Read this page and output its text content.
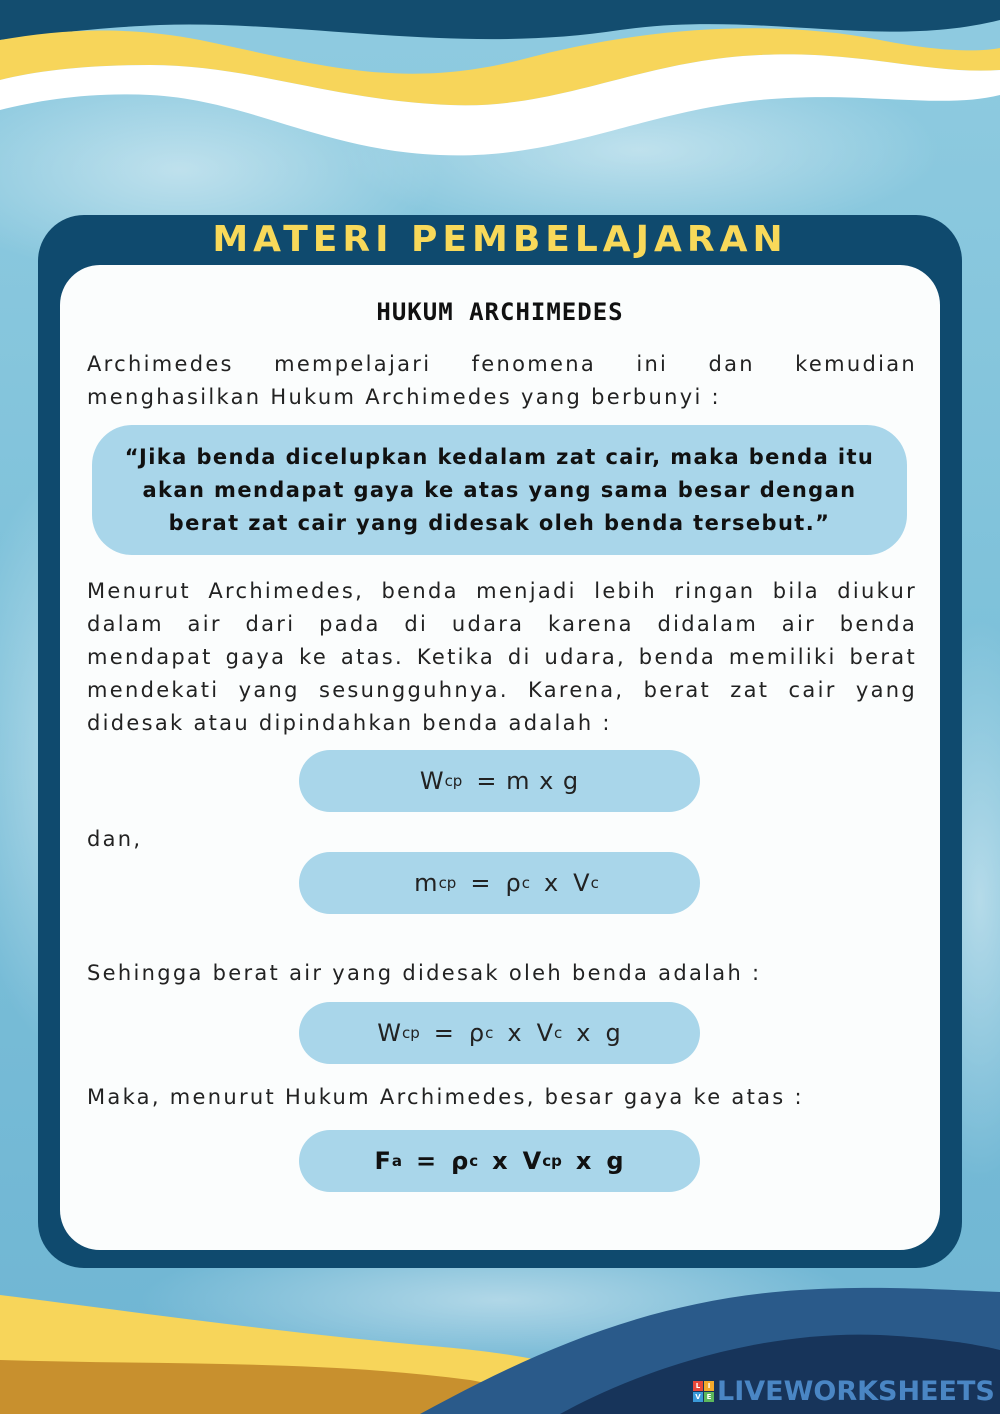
MATERI PEMBELAJARAN
HUKUM ARCHIMEDES

Archimedes mempelajari fenomena ini dan kemudian menghasilkan Hukum Archimedes yang berbunyi :

“Jika benda dicelupkan kedalam zat cair, maka benda itu akan mendapat gaya ke atas yang sama besar dengan berat zat cair yang didesak oleh benda tersebut.”

Menurut Archimedes, benda menjadi lebih ringan bila diukur dalam air dari pada di udara karena didalam air benda mendapat gaya ke atas. Ketika di udara, benda memiliki berat mendekati yang sesungguhnya. Karena, berat zat cair yang didesak atau dipindahkan benda adalah :

W cp = m x g

dan,

m cp = ρ c x V c

Sehingga berat air yang didesak oleh benda adalah :

W cp = ρ c x V c x g

Maka, menurut Hukum Archimedes, besar gaya ke atas :

F a = ρ c x V cp x g
L	I
V E LIVEWORKSHEETS
